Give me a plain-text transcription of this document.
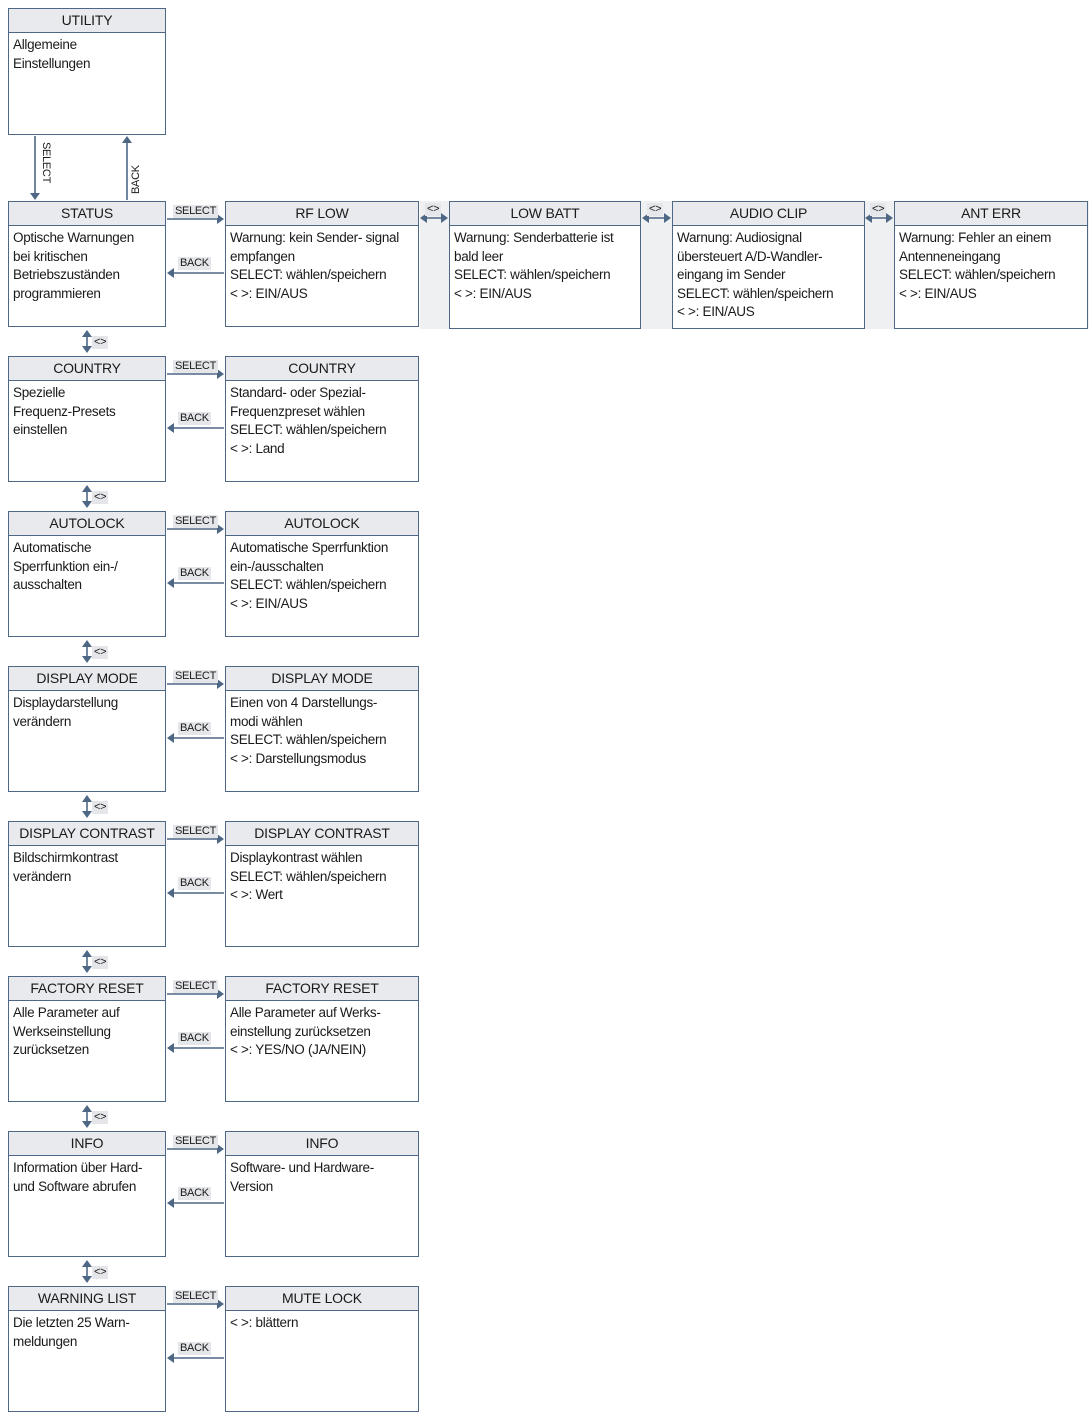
UTILITY
Allgemeine
Einstellungen
STATUS
Optische Warnungen
bei kritischen
Betriebszuständen
programmieren
RF LOW
Warnung: kein Sender- signal
empfangen
SELECT: wählen/speichern
< >: EIN/AUS
COUNTRY
Spezielle
Frequenz-Presets
einstellen
COUNTRY
Standard- oder Spezial-
Frequenzpreset wählen
SELECT: wählen/speichern
< >: Land
AUTOLOCK
Automatische
Sperrfunktion ein-/
ausschalten
AUTOLOCK
Automatische Sperrfunktion
ein-/ausschalten
SELECT: wählen/speichern
< >: EIN/AUS
DISPLAY MODE
Displaydarstellung
verändern
DISPLAY MODE
Einen von 4 Darstellungs-
modi wählen
SELECT: wählen/speichern
< >: Darstellungsmodus
DISPLAY CONTRAST
Bildschirmkontrast
verändern
DISPLAY CONTRAST
Displaykontrast wählen
SELECT: wählen/speichern
< >: Wert
FACTORY RESET
Alle Parameter auf
Werkseinstellung
zurücksetzen
FACTORY RESET
Alle Parameter auf Werks-
einstellung zurücksetzen
< >: YES/NO (JA/NEIN)
INFO
Information über Hard-
und Software abrufen
INFO
Software- und Hardware-
Version
WARNING LIST
Die letzten 25 Warn-
meldungen
MUTE LOCK
< >: blättern
LOW BATT
Warnung: Senderbatterie ist
bald leer
SELECT: wählen/speichern
< >: EIN/AUS
AUDIO CLIP
Warnung: Audiosignal
übersteuert A/D-Wandler-
eingang im Sender
SELECT: wählen/speichern
< >: EIN/AUS
ANT ERR
Warnung: Fehler an einem
Antenneneingang
SELECT: wählen/speichern
< >: EIN/AUS
SELECT	BACK
SELECT
BACK
SELECT
BACK
SELECT
BACK
SELECT
BACK
SELECT
BACK
SELECT
BACK
SELECT
BACK
SELECT
BACK
<>
<>
<>
<>
<>
<>
<>
<>	<>	<>
